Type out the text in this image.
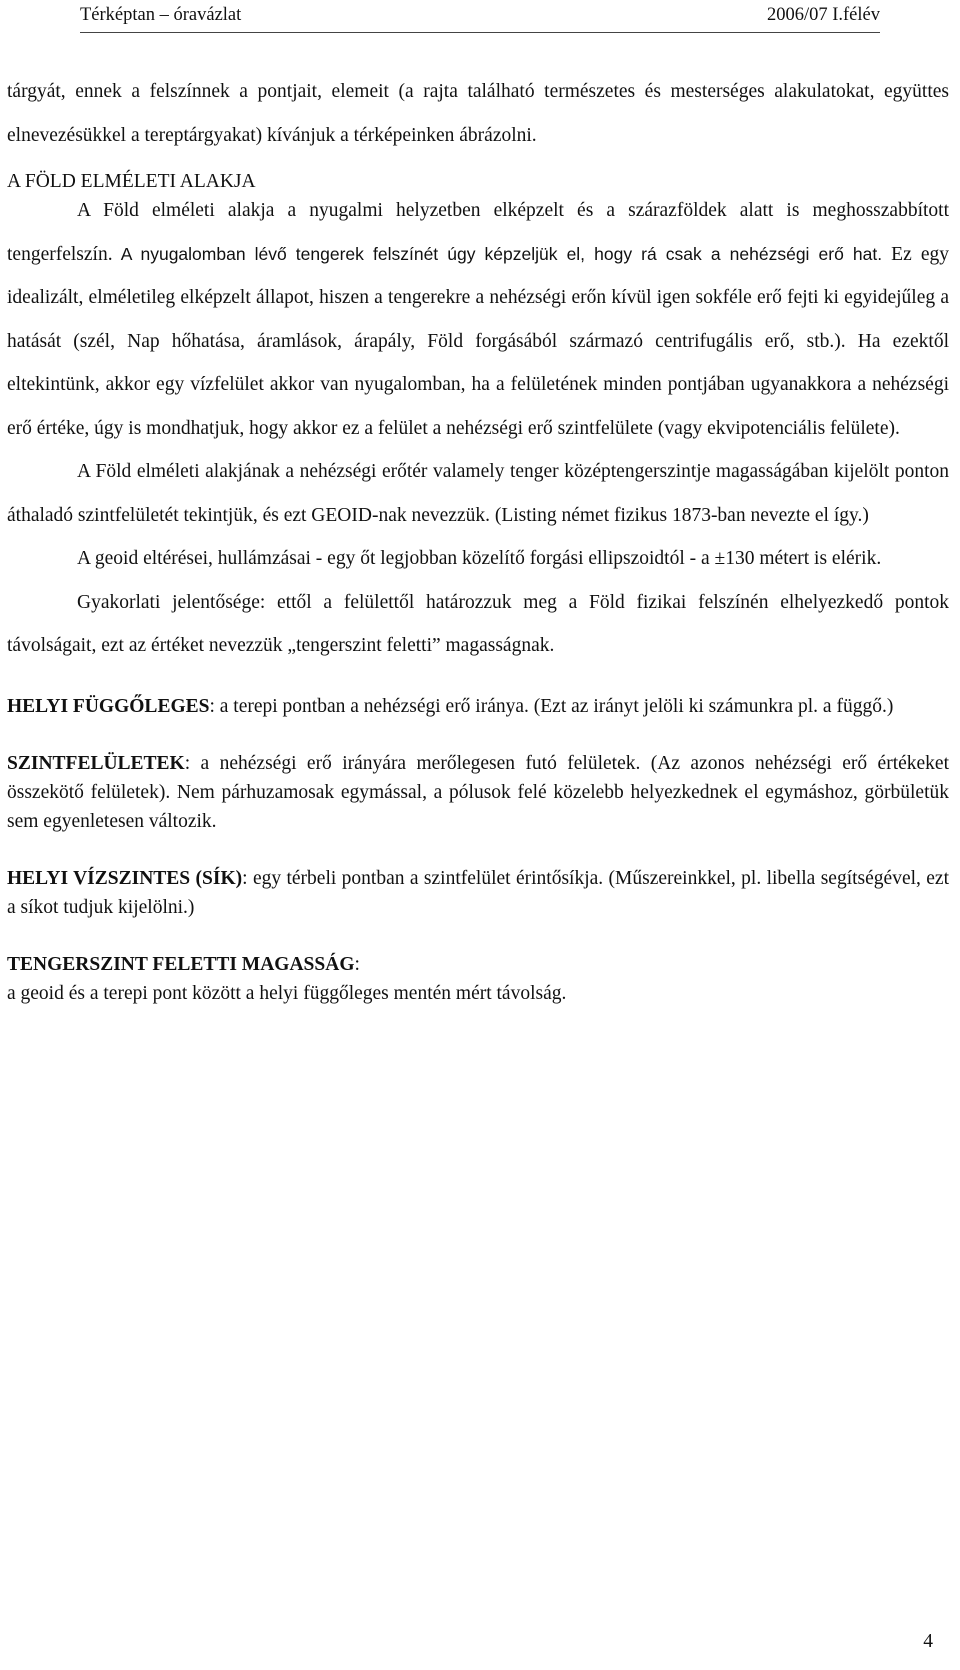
Térképtan – óravázlat	2006/07 I.félév

tárgyát, ennek a felszínnek a pontjait, elemeit (a rajta található természetes és mesterséges alakulatokat, együttes elnevezésükkel a tereptárgyakat) kívánjuk a térképeinken ábrázolni.

A FÖLD ELMÉLETI ALAKJA

A Föld elméleti alakja a nyugalmi helyzetben elképzelt és a szárazföldek alatt is meghosszabbított tengerfelszín. A nyugalomban lévő tengerek felszínét úgy képzeljük el, hogy rá csak a nehézségi erő hat. Ez egy idealizált, elméletileg elképzelt állapot, hiszen a tengerekre a nehézségi erőn kívül igen sokféle erő fejti ki egyidejűleg a hatását (szél, Nap hőhatása, áramlások, árapály, Föld forgásából származó centrifugális erő, stb.). Ha ezektől eltekintünk, akkor egy vízfelület akkor van nyugalomban, ha a felületének minden pontjában ugyanakkora a nehézségi erő értéke, úgy is mondhatjuk, hogy akkor ez a felület a nehézségi erő szintfelülete (vagy ekvipotenciális felülete).

A Föld elméleti alakjának a nehézségi erőtér valamely tenger középtengerszintje magasságában kijelölt ponton áthaladó szintfelületét tekintjük, és ezt GEOID-nak nevezzük. (Listing német fizikus 1873-ban nevezte el így.)

A geoid eltérései, hullámzásai - egy őt legjobban közelítő forgási ellipszoidtól - a ±130 métert is elérik.

Gyakorlati jelentősége: ettől a felülettől határozzuk meg a Föld fizikai felszínén elhelyezkedő pontok távolságait, ezt az értéket nevezzük „tengerszint feletti” magasságnak.

HELYI FÜGGŐLEGES: a terepi pontban a nehézségi erő iránya. (Ezt az irányt jelöli ki számunkra pl. a függő.)

SZINTFELÜLETEK: a nehézségi erő irányára merőlegesen futó felületek. (Az azonos nehézségi erő értékeket összekötő felületek). Nem párhuzamosak egymással, a pólusok felé közelebb helyezkednek el egymáshoz, görbületük sem egyenletesen változik.

HELYI VÍZSZINTES (SÍK): egy térbeli pontban a szintfelület érintősíkja. (Műszereinkkel, pl. libella segítségével, ezt a síkot tudjuk kijelölni.)

TENGERSZINT FELETTI MAGASSÁG:
a geoid és a terepi pont között a helyi függőleges mentén mért távolság.

4
